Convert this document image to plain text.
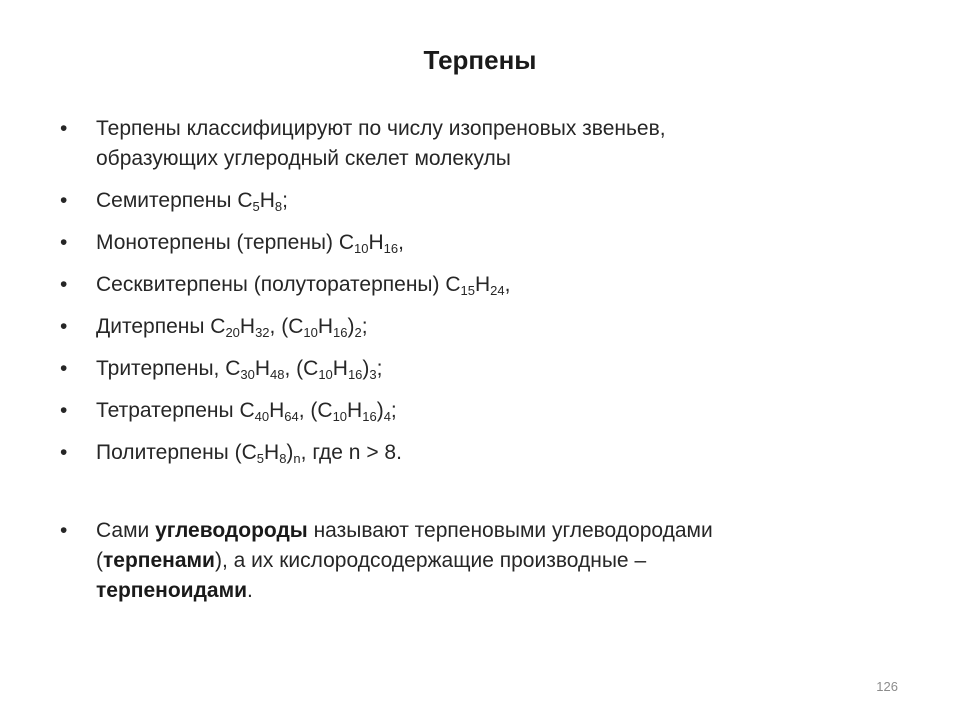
Терпены
•	Терпены классифицируют по числу изопреновых звеньев,
образующих углеродный скелет молекулы
•	Семитерпены $C_5H_8$;
•	Монотерпены (терпены) $C_{10}H_{16}$,
•	Сесквитерпены (полуторатерпены) $C_{15}H_{24}$,
•	Дитерпены $C_{20}H_{32}$, $(C_{10}H_{16})_2$;
•	Тритерпены, $C_{30}H_{48}$, $(C_{10}H_{16})_3$;
•	Тетратерпены $C_{40}H_{64}$, $(C_{10}H_{16})_4$;
•	Политерпены $(C_5H_8)_n$, где n > 8.
•	Сами углеводороды называют терпеновыми углеводородами
(терпенами), а их кислородсодержащие производные –
терпеноидами.
126
